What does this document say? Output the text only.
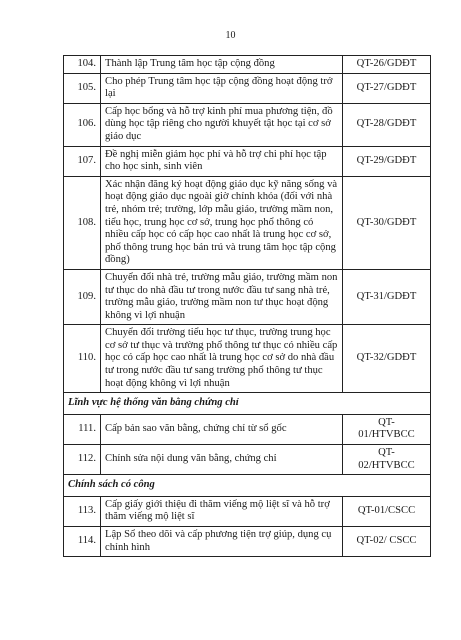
10
104.	Thành lập Trung tâm học tập cộng đồng	QT-26/GDĐT

105.	Cho phép Trung tâm học tập cộng đồng hoạt động trở lại	QT-27/GDĐT

106.	Cấp học bổng và hỗ trợ kinh phí mua phương tiện, đồ dùng học tập riêng cho người khuyết tật học tại cơ sở giáo dục	QT-28/GDĐT

107.	Đề nghị miễn giảm học phí và hỗ trợ chi phí học tập cho học sinh, sinh viên	QT-29/GDĐT

108.	Xác nhận đăng ký hoạt động giáo dục kỹ năng sống và hoạt động giáo dục ngoài giờ chính khóa (đối với nhà trẻ, nhóm trẻ; trường, lớp mẫu giáo, trường mầm non, tiểu học, trung học cơ sở, trung học phổ thông có nhiều cấp học có cấp học cao nhất là trung học cơ sở, phổ thông trung học bán trú và trung tâm học tập cộng đồng)	QT-30/GDĐT

109.	Chuyển đổi nhà trẻ, trường mẫu giáo, trường mầm non tư thục do nhà đầu tư trong nước đầu tư sang nhà trẻ, trường mẫu giáo, trường mầm non tư thục hoạt động không vì lợi nhuận	QT-31/GDĐT

110.	Chuyển đổi trường tiểu học tư thục, trường trung học cơ sở tư thục và trường phổ thông tư thục có nhiều cấp học có cấp học cao nhất là trung học cơ sở do nhà đầu tư trong nước đầu tư sang trường phổ thông tư thục hoạt động không vì lợi nhuận	QT-32/GDĐT

Lĩnh vực hệ thống văn bằng chứng chỉ		
111.	Cấp bản sao văn bằng, chứng chỉ từ sổ gốc	QT-
01/HTVBCC

112.	Chỉnh sửa nội dung văn bằng, chứng chỉ	QT-
02/HTVBCC

Chính sách có công		
113.	Cấp giấy giới thiệu đi thăm viếng mộ liệt sĩ và hỗ trợ thăm viếng mộ liệt sĩ	QT-01/CSCC

114.	Lập Sổ theo dõi và cấp phương tiện trợ giúp, dụng cụ chỉnh hình	QT-02/ CSCC
